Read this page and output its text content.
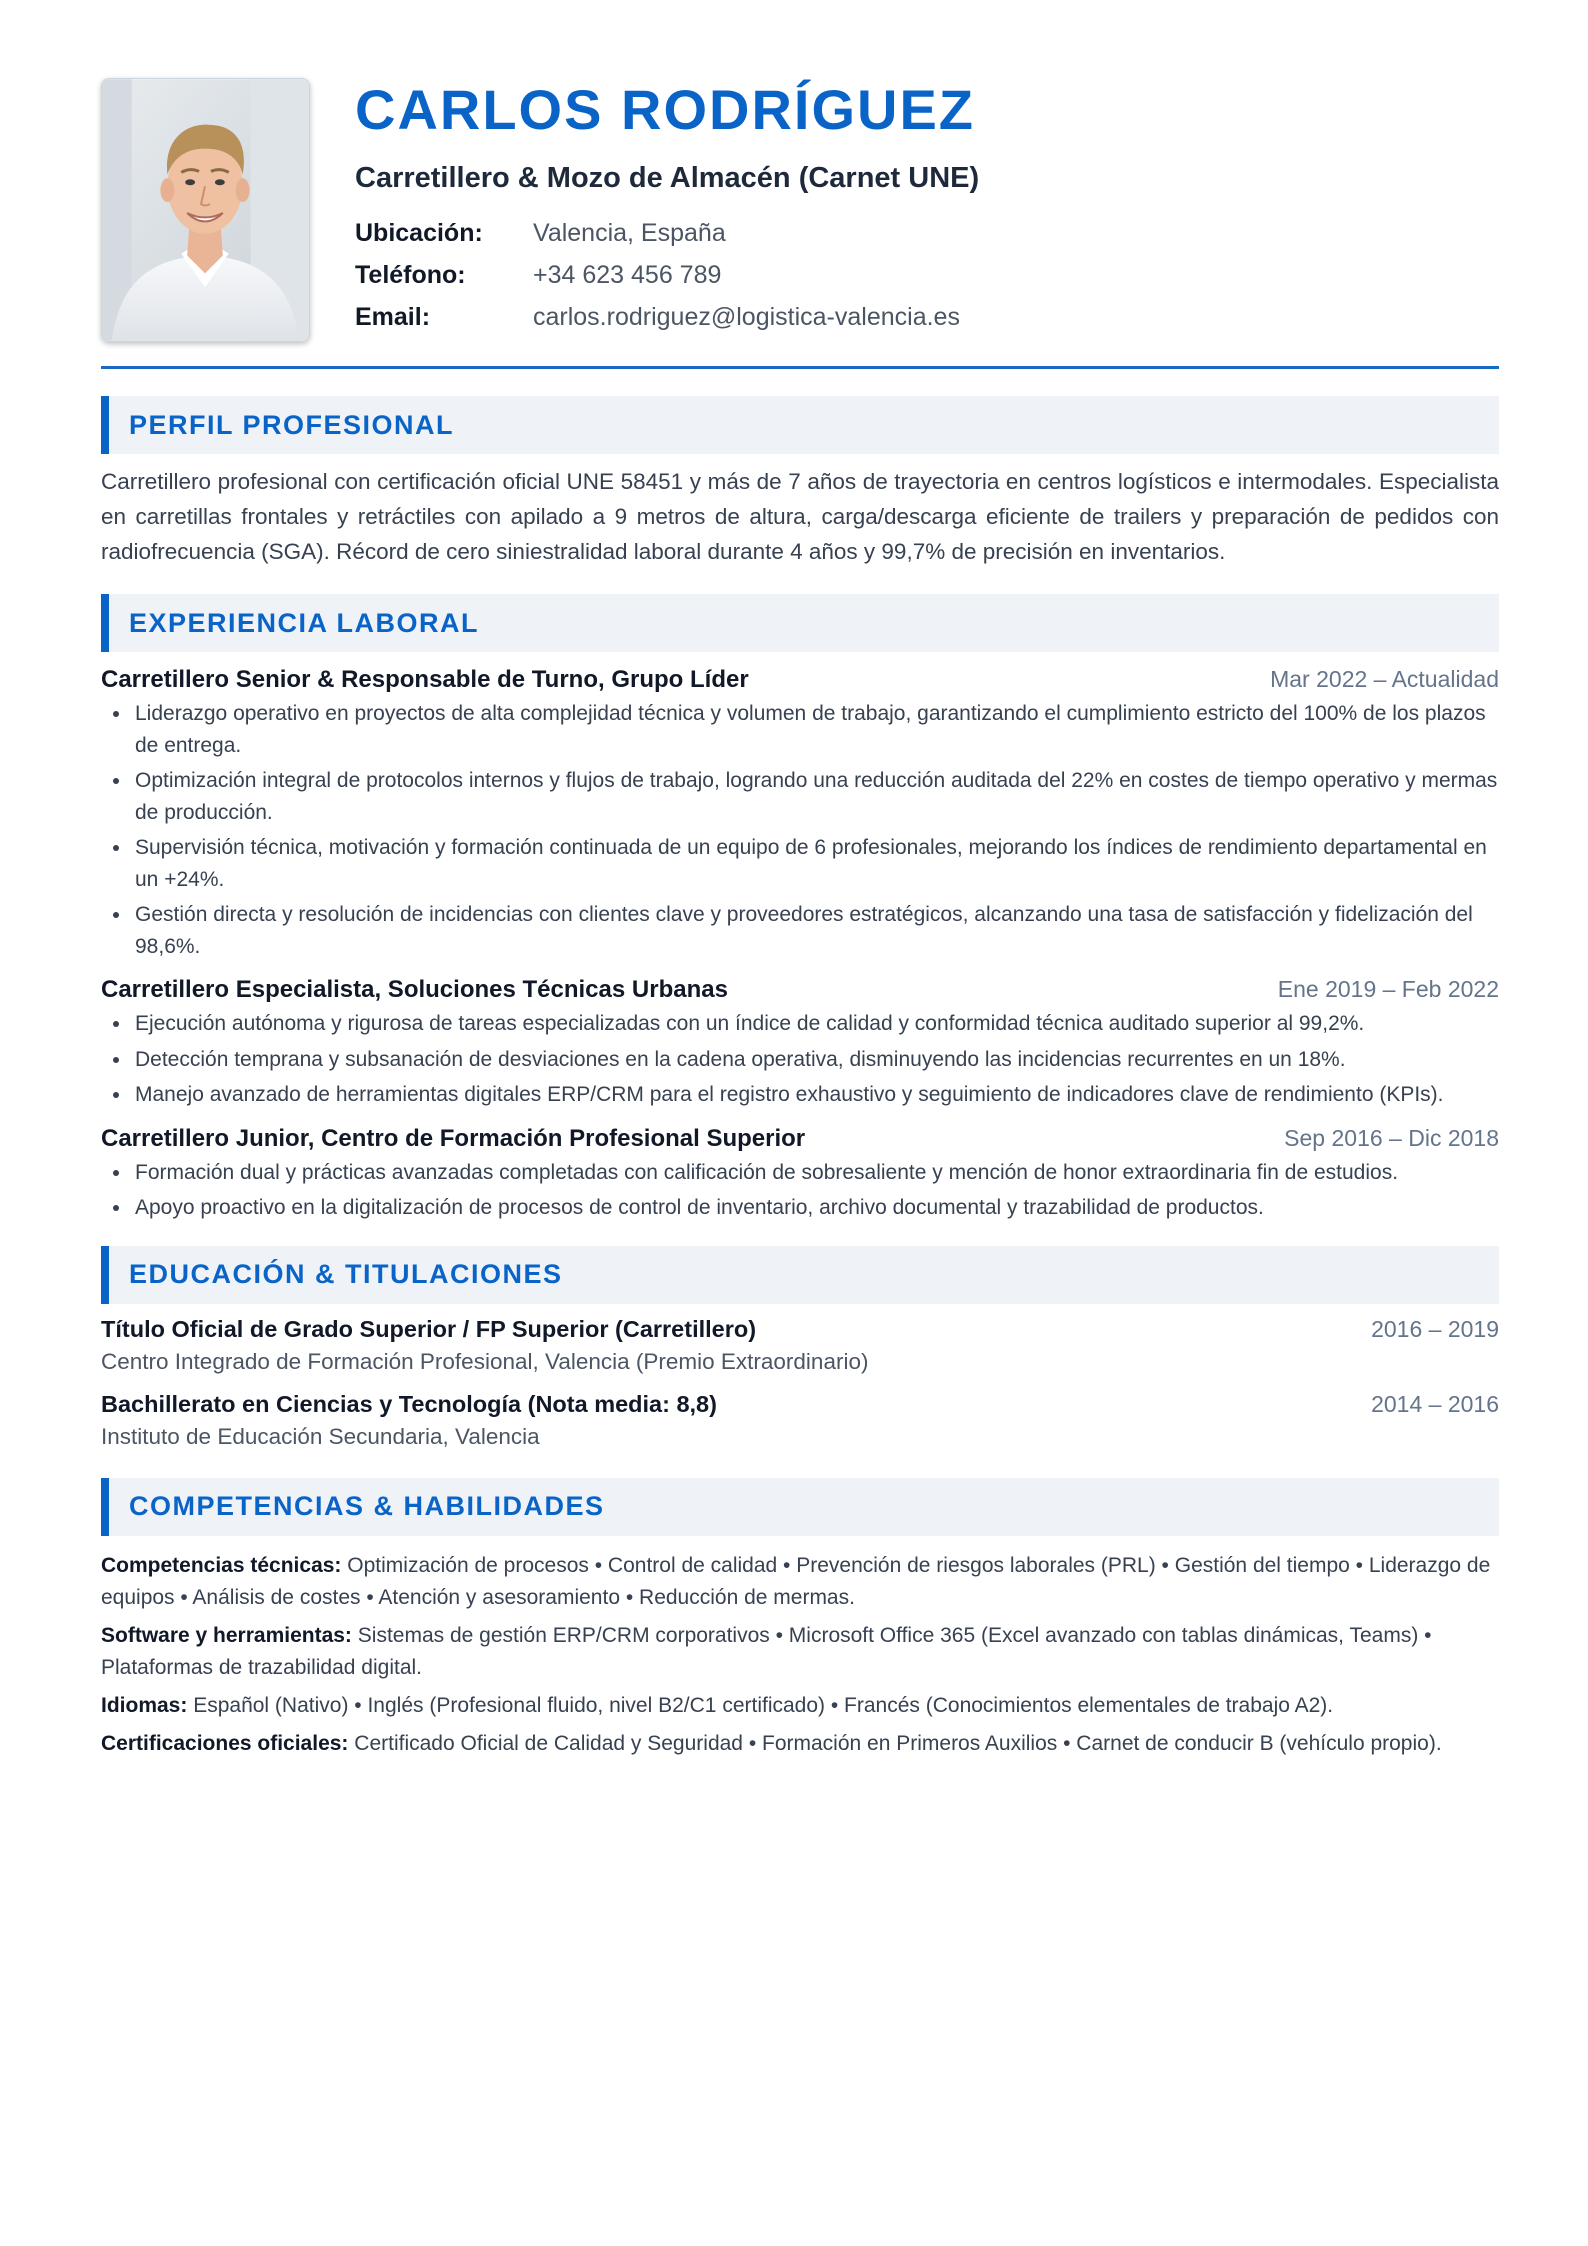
CARLOS RODRÍGUEZ
Carretillero & Mozo de Almacén (Carnet UNE)
Ubicación:	Valencia, España
Teléfono:	+34 623 456 789
Email:	carlos.rodriguez@logistica-valencia.es
PERFIL PROFESIONAL

Carretillero profesional con certificación oficial UNE 58451 y más de 7 años de trayectoria en centros logísticos e intermodales. Especialista en carretillas frontales y retráctiles con apilado a 9 metros de altura, carga/descarga eficiente de trailers y preparación de pedidos con radiofrecuencia (SGA). Récord de cero siniestralidad laboral durante 4 años y 99,7% de precisión en inventarios.

EXPERIENCIA LABORAL
Carretillero Senior & Responsable de Turno, Grupo Líder	Mar 2022 – Actualidad
Liderazgo operativo en proyectos de alta complejidad técnica y volumen de trabajo, garantizando el cumplimiento estricto del 100% de los plazos de entrega.
Optimización integral de protocolos internos y flujos de trabajo, logrando una reducción auditada del 22% en costes de tiempo operativo y mermas de producción.
Supervisión técnica, motivación y formación continuada de un equipo de 6 profesionales, mejorando los índices de rendimiento departamental en un +24%.
Gestión directa y resolución de incidencias con clientes clave y proveedores estratégicos, alcanzando una tasa de satisfacción y fidelización del 98,6%.
Carretillero Especialista, Soluciones Técnicas Urbanas	Ene 2019 – Feb 2022
Ejecución autónoma y rigurosa de tareas especializadas con un índice de calidad y conformidad técnica auditado superior al 99,2%.
Detección temprana y subsanación de desviaciones en la cadena operativa, disminuyendo las incidencias recurrentes en un 18%.
Manejo avanzado de herramientas digitales ERP/CRM para el registro exhaustivo y seguimiento de indicadores clave de rendimiento (KPIs).
Carretillero Junior, Centro de Formación Profesional Superior	Sep 2016 – Dic 2018
Formación dual y prácticas avanzadas completadas con calificación de sobresaliente y mención de honor extraordinaria fin de estudios.
Apoyo proactivo en la digitalización de procesos de control de inventario, archivo documental y trazabilidad de productos.
EDUCACIÓN & TITULACIONES
Título Oficial de Grado Superior / FP Superior (Carretillero)	2016 – 2019
Centro Integrado de Formación Profesional, Valencia (Premio Extraordinario)
Bachillerato en Ciencias y Tecnología (Nota media: 8,8)	2014 – 2016
Instituto de Educación Secundaria, Valencia
COMPETENCIAS & HABILIDADES

Competencias técnicas: Optimización de procesos • Control de calidad • Prevención de riesgos laborales (PRL) • Gestión del tiempo • Liderazgo de equipos • Análisis de costes • Atención y asesoramiento • Reducción de mermas.

Software y herramientas: Sistemas de gestión ERP/CRM corporativos • Microsoft Office 365 (Excel avanzado con tablas dinámicas, Teams) • Plataformas de trazabilidad digital.

Idiomas: Español (Nativo) • Inglés (Profesional fluido, nivel B2/C1 certificado) • Francés (Conocimientos elementales de trabajo A2).

Certificaciones oficiales: Certificado Oficial de Calidad y Seguridad • Formación en Primeros Auxilios • Carnet de conducir B (vehículo propio).
